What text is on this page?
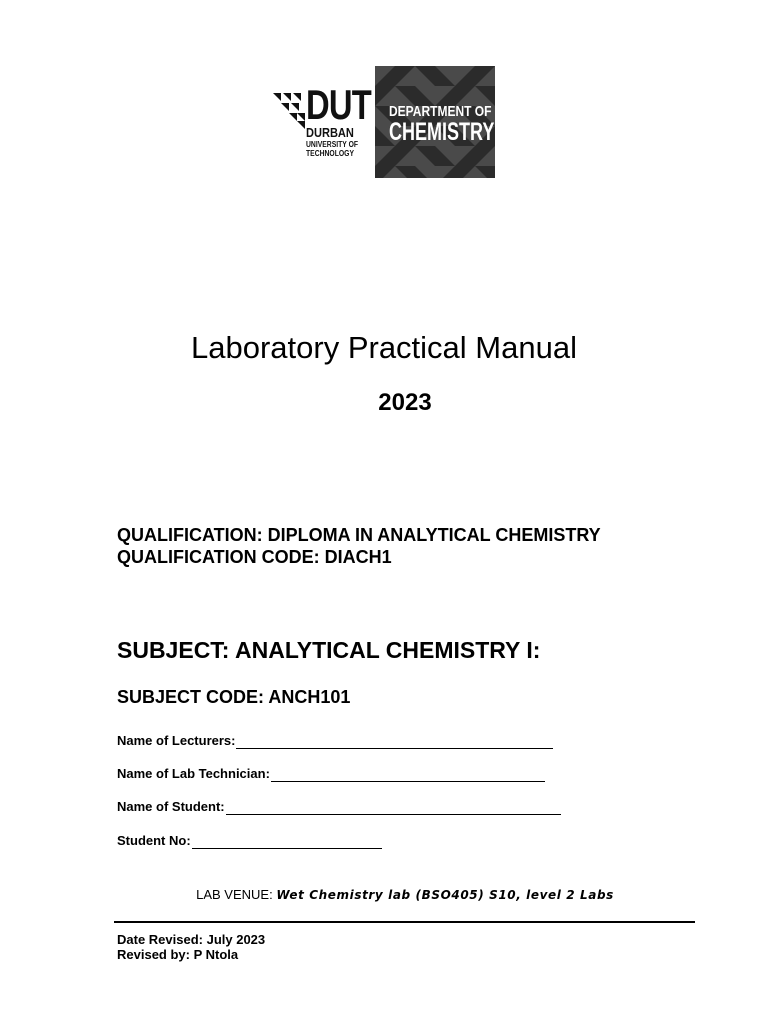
DUT
DURBAN
UNIVERSITY OF
TECHNOLOGY
DEPARTMENT OF
CHEMISTRY
Laboratory Practical Manual
2023
QUALIFICATION: DIPLOMA IN ANALYTICAL CHEMISTRY
QUALIFICATION CODE: DIACH1
SUBJECT: ANALYTICAL CHEMISTRY I:
SUBJECT CODE: ANCH101
Name of Lecturers:
Name of Lab Technician:
Name of Student:
Student No:
LAB VENUE: Wet Chemistry lab (BSO405) S10, level 2 Labs
Date Revised: July 2023
Revised by: P Ntola
